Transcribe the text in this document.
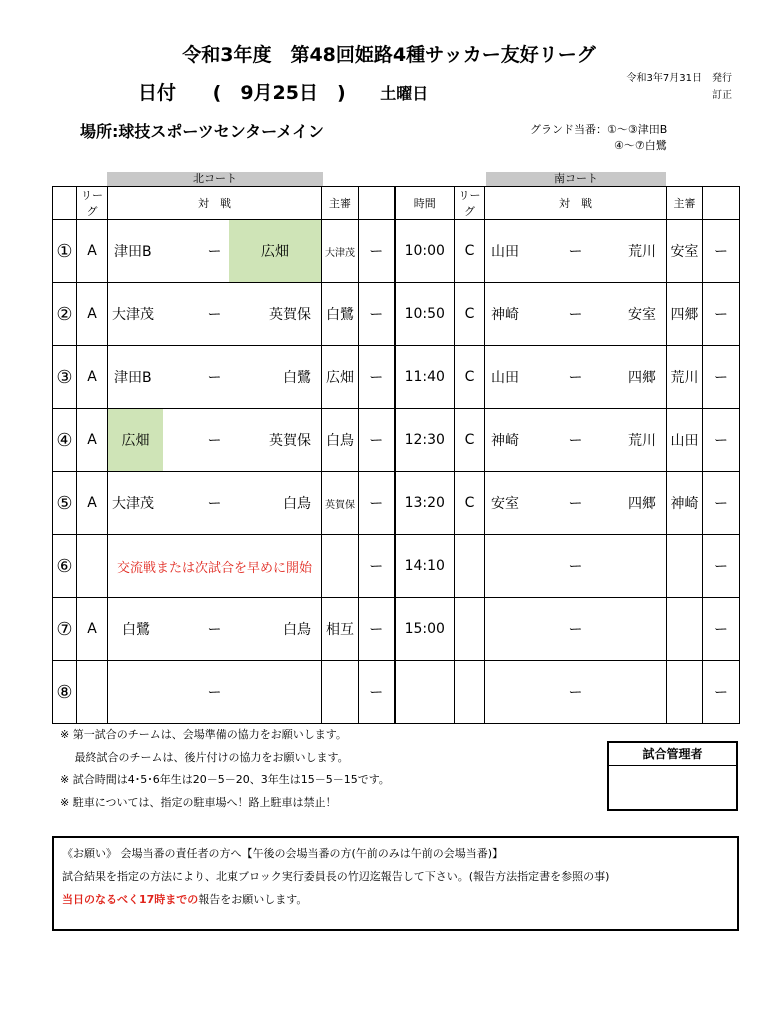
令和3年度　第48回姫路4種サッカー友好リーグ
令和3年7月31日　発行
訂正
日付 (　9月25日　) 土曜日
場所:球技スポーツセンターメイン	グランド当番：①～③津田B
④～⑦白鷺
北コート	南コート
	リーグ	対　戦	主審		時間	リーグ	対　戦	主審	
①	A	津田B ー 広畑	大津茂	ー	10:00	C	山田 ー 荒川	安室	ー
②	A	大津茂 ー 英賀保	白鷺	ー	10:50	C	神崎 ー 安室	四郷	ー
③	A	津田B ー 白鷺	広畑	ー	11:40	C	山田 ー 四郷	荒川	ー
④	A	広畑 ー 英賀保	白鳥	ー	12:30	C	神崎 ー 荒川	山田	ー
⑤	A	大津茂 ー 白鳥	英賀保	ー	13:20	C	安室 ー 四郷	神崎	ー
⑥		交流戦または次試合を早めに開始		ー	14:10		ー		ー
⑦	A	白鷺 ー 白鳥	相互	ー	15:00		ー		ー
⑧		ー		ー			ー		ー
※ 第一試合のチームは、会場準備の協力をお願いします。
　 最終試合のチームは、後片付けの協力をお願いします。
※ 試合時間は4･5･6年生は20－5－20、3年生は15－5－15です。
※ 駐車については、指定の駐車場へ！路上駐車は禁止！
試合管理者
《お願い》 会場当番の責任者の方へ【午後の会場当番の方(午前のみは午前の会場当番)】
試合結果を指定の方法により、北東ブロック実行委員長の竹辺迄報告して下さい。(報告方法指定書を参照の事)
当日のなるべく17時までの報告をお願いします。
